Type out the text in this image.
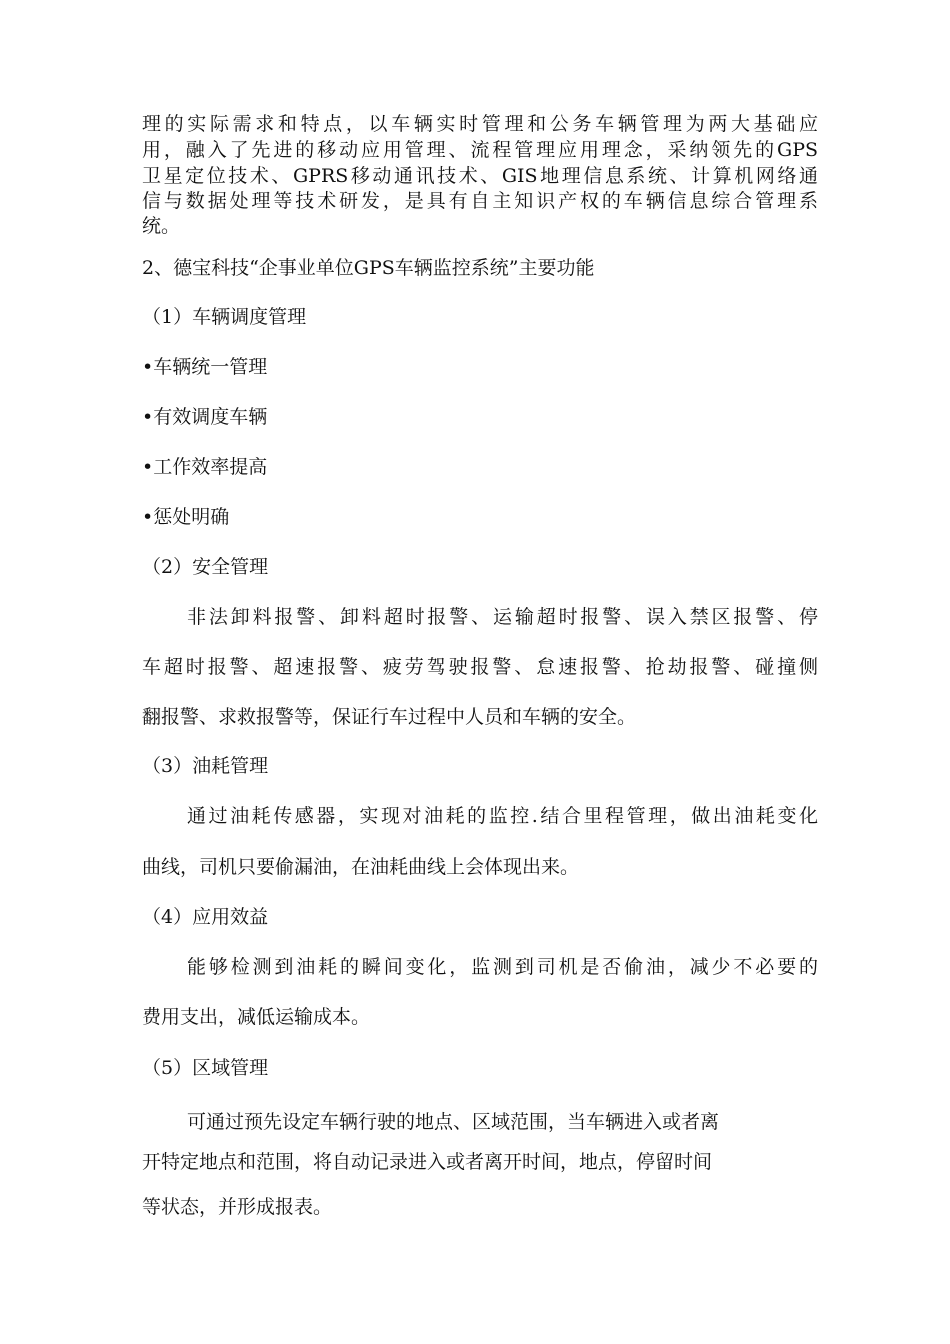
理的实际需求和特点，以车辆实时管理和公务车辆管理为两大基础应

用，融入了先进的移动应用管理、流程管理应用理念，采纳领先的GPS

卫星定位技术、GPRS移动通讯技术、GIS地理信息系统、计算机网络通

信与数据处理等技术研发，是具有自主知识产权的车辆信息综合管理系

统。

2、德宝科技“企事业单位GPS车辆监控系统”主要功能

（1）车辆调度管理

•车辆统一管理

•有效调度车辆

•工作效率提高

•惩处明确

（2）安全管理

非法卸料报警、卸料超时报警、运输超时报警、误入禁区报警、停

车超时报警、超速报警、疲劳驾驶报警、怠速报警、抢劫报警、碰撞侧

翻报警、求救报警等，保证行车过程中人员和车辆的安全。

（3）油耗管理

通过油耗传感器，实现对油耗的监控.结合里程管理，做出油耗变化

曲线，司机只要偷漏油，在油耗曲线上会体现出来。

（4）应用效益

能够检测到油耗的瞬间变化，监测到司机是否偷油，减少不必要的

费用支出，减低运输成本。

（5）区域管理

可通过预先设定车辆行驶的地点、区域范围，当车辆进入或者离

开特定地点和范围，将自动记录进入或者离开时间，地点，停留时间

等状态，并形成报表。
